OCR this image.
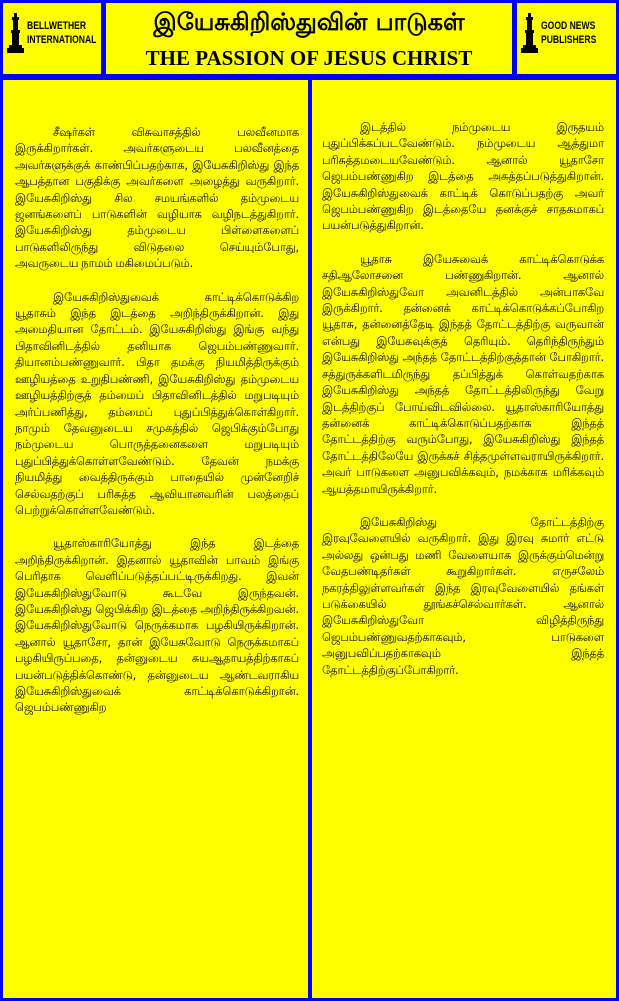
BELLWETHER
INTERNATIONAL
இயேசுகிறிஸ்துவின் பாடுகள்
THE PASSION OF JESUS CHRIST
GOOD NEWS
PUBLISHERS

சீஷர்கள் விசுவாசத்தில் பலவீனமாக இருக்கிறார்கள். அவர்களுடைய பலவீனத்தை அவர்களுக்குக் காண்பிப்பதற்காக, இயேசுகிறிஸ்து இந்த ஆபத்தான பகுதிக்கு அவர்களை அழைத்து வருகிறார். இயேசுகிறிஸ்து சில சமயங்களில் தம்முடைய ஜனங்களைப் பாடுகளின் வழியாக வழிநடத்துகிறார். இயேசுகிறிஸ்து தம்முடைய பிள்ளைகளைப் பாடுகளிலிருந்து விடுதலை செய்யும்போது, அவருடைய நாமம் மகிமைப்படும்.

இயேசுகிறிஸ்துவைக் காட்டிக்கொடுக்கிற யூதாசும் இந்த இடத்தை அறிந்திருக்கிறான். இது அமைதியான தோட்டம். இயேசுகிறிஸ்து இங்கு வந்து பிதாவினிடத்தில் தனியாக ஜெபம்பண்ணுவார். தியானம்பண்ணுவார். பிதா தமக்கு நியமித்திருக்கும் ஊழியத்தை உறுதிபண்ணி, இயேசுகிறிஸ்து தம்முடைய ஊழியத்திற்குத் தம்மைப் பிதாவினிடத்தில் மறுபடியும் அர்ப்பணித்து, தம்மைப் புதுப்பித்துக்கொள்கிறார். நாமும் தேவனுடைய சமுகத்தில் ஜெபிக்கும்போது நம்முடைய பொருத்தனைகளை மறுபடியும் புதுப்பித்துக்கொள்ளவேண்டும். தேவன் நமக்கு நியமித்து வைத்திருக்கும் பாதையில் முன்னேறிச் செல்வதற்குப் பரிசுத்த ஆவியானவரின் பலத்தைப் பெற்றுக்கொள்ளவேண்டும்.

யூதாஸ்காரியோத்து இந்த இடத்தை அறிந்திருக்கிறான். இதனால் யூதாவின் பாவம் இங்கு பெரிதாக வெளிப்படுத்தப்பட்டிருக்கிறது. இவன் இயேசுகிறிஸ்துவோடு கூடவே இருந்தவன். இயேசுகிறிஸ்து ஜெபிக்கிற இடத்தை அறிந்திருக்கிறவன். இயேசுகிறிஸ்துவோடு நெருக்கமாக பழகியிருக்கிறான். ஆனால் யூதாசோ, தான் இயேசுவோடு நெருக்கமாகப் பழகியிருப்பதை, தன்னுடைய சுயஆதாயத்திற்காகப் பயன்படுத்திக்கொண்டு, தன்னுடைய ஆண்டவராகிய இயேசுகிறிஸ்துவைக் காட்டிக்கொடுக்கிறான். ஜெபம்பண்ணுகிற

இடத்தில் நம்முடைய இருதயம் புதுப்பிக்கப்படவேண்டும். நம்முடைய ஆத்துமா பரிசுத்தமடையவேண்டும். ஆனால் யூதாசோ ஜெபம்பண்ணுகிற இடத்தை அசுத்தப்படுத்துகிறான். இயேசுகிறிஸ்துவைக் காட்டிக் கொடுப்பதற்கு அவர் ஜெபம்பண்ணுகிற இடத்தையே தனக்குச் சாதகமாகப் பயன்படுத்துகிறான்.

யூதாசு இயேசுவைக் காட்டிக்கொடுக்க சதிஆலோசனை பண்ணுகிறான். ஆனால் இயேசுகிறிஸ்துவோ அவனிடத்தில் அன்பாகவே இருக்கிறார். தன்னைக் காட்டிக்கொடுக்கப்போகிற யூதாசு, தன்னைத்தேடி இந்தத் தோட்டத்திற்கு வருவான் என்பது இயேசுவுக்குத் தெரியும். தெரிந்திருந்தும் இயேசுகிறிஸ்து அந்தத் தோட்டத்திற்குத்தான் போகிறார். சத்துருக்களிடமிருந்து தப்பித்துக் கொள்வதற்காக இயேசுகிறிஸ்து அந்தத் தோட்டத்திலிருந்து வேறு இடத்திற்குப் போய்விடவில்லை. யூதாஸ்காரியோத்து தன்னைக் காட்டிக்கொடுப்பதற்காக இந்தத் தோட்டத்திற்கு வரும்போது, இயேசுகிறிஸ்து இந்தத் தோட்டத்திலேயே இருக்கச் சித்தமுள்ளவராயிருக்கிறார். அவர் பாடுகளை அனுபவிக்கவும், நமக்காக மரிக்கவும் ஆயத்தமாயிருக்கிறார்.

இயேசுகிறிஸ்து தோட்டத்திற்கு இரவுவேளையில் வருகிறார். இது இரவு சுமார் எட்டு அல்லது ஒன்பது மணி வேளையாக இருக்கும்மென்று வேதபண்டிதர்கள் கூறுகிறார்கள். எருசலேம் நகரத்திலுள்ளவர்கள் இந்த இரவுவேளையில் தங்கள் படுக்கையில் தூங்கச்செல்வார்கள். ஆனால் இயேசுகிறிஸ்துவோ விழித்திருந்து ஜெபம்பண்ணுவதற்காகவும், பாடுகளை அனுபவிப்பதற்காகவும் இந்தத் தோட்டத்திற்குப்போகிறார்.
